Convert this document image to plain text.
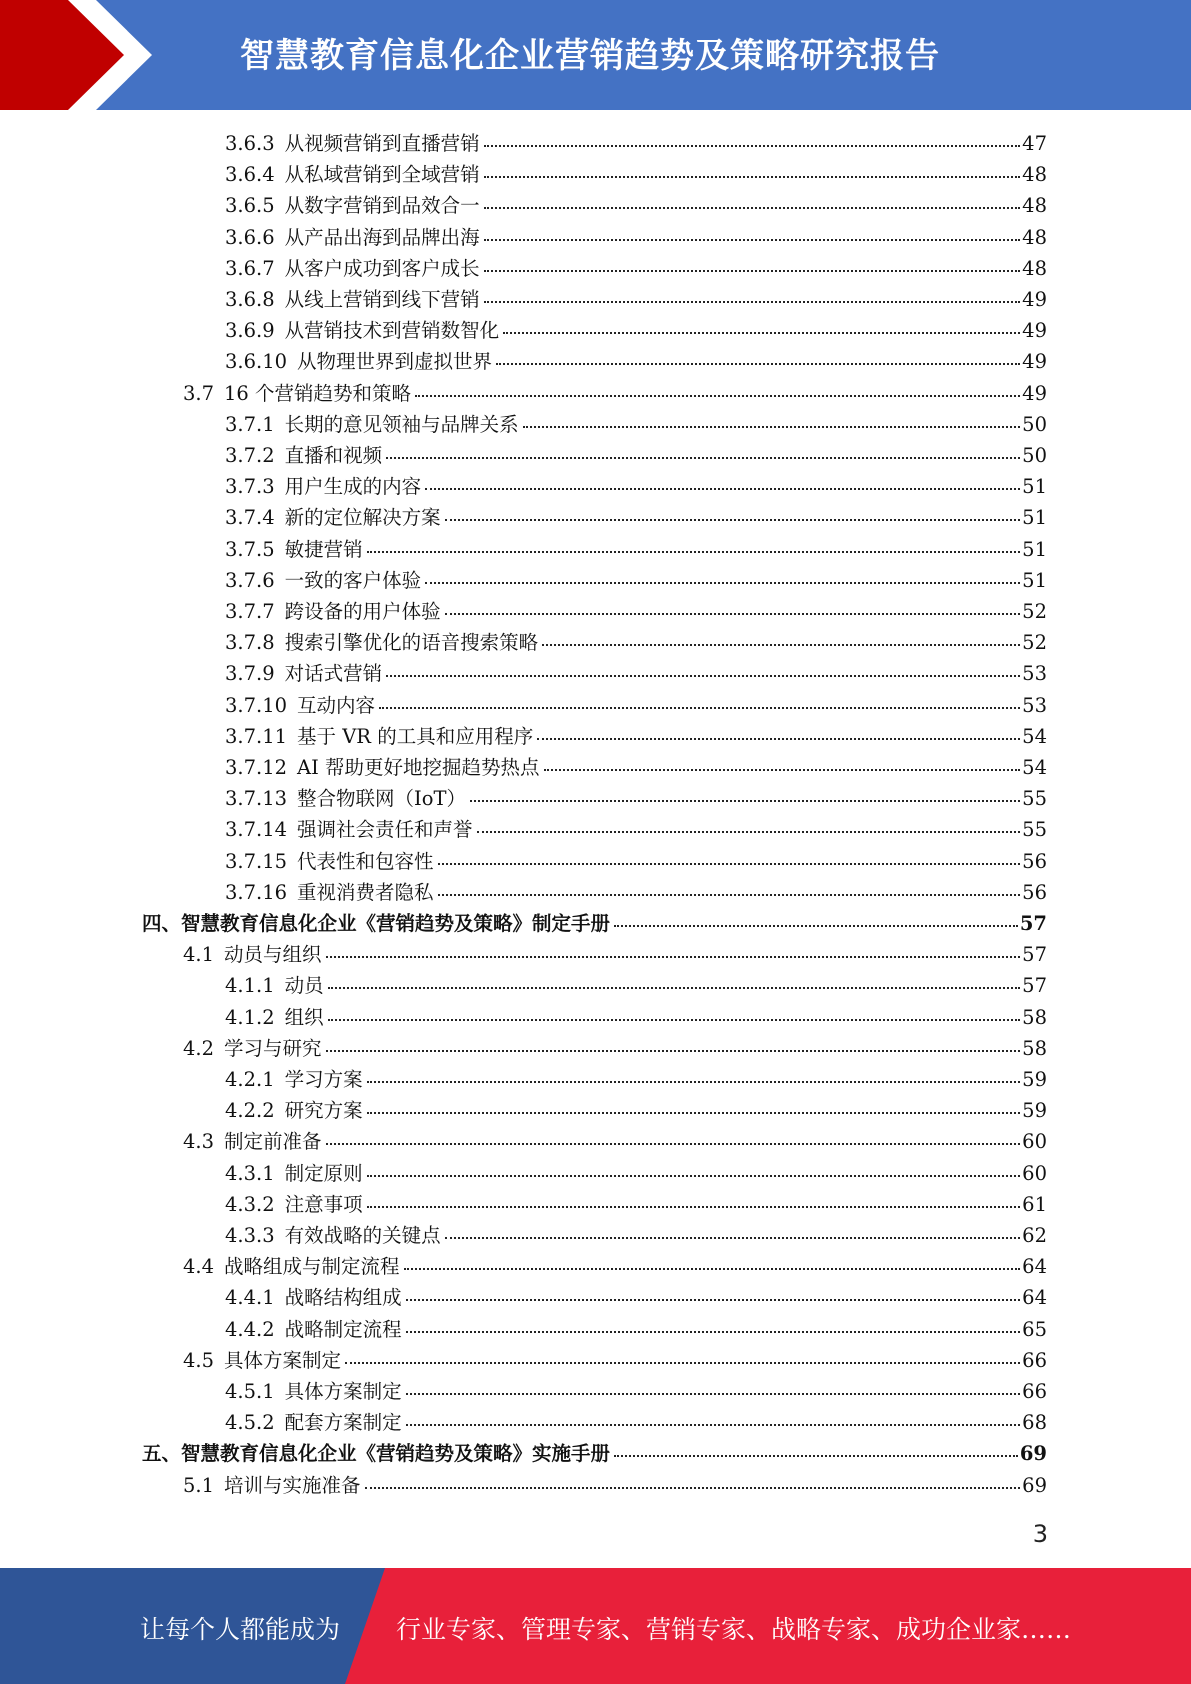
智慧教育信息化企业营销趋势及策略研究报告
3.6.3 从视频营销到直播营销	47
3.6.4 从私域营销到全域营销	48
3.6.5 从数字营销到品效合一	48
3.6.6 从产品出海到品牌出海	48
3.6.7 从客户成功到客户成长	48
3.6.8 从线上营销到线下营销	49
3.6.9 从营销技术到营销数智化	49
3.6.10 从物理世界到虚拟世界	49
3.7 16 个营销趋势和策略	49
3.7.1 长期的意见领袖与品牌关系	50
3.7.2 直播和视频	50
3.7.3 用户生成的内容	51
3.7.4 新的定位解决方案	51
3.7.5 敏捷营销	51
3.7.6 一致的客户体验	51
3.7.7 跨设备的用户体验	52
3.7.8 搜索引擎优化的语音搜索策略	52
3.7.9 对话式营销	53
3.7.10 互动内容	53
3.7.11 基于 VR 的工具和应用程序	54
3.7.12 AI 帮助更好地挖掘趋势热点	54
3.7.13 整合物联网（IoT）	55
3.7.14 强调社会责任和声誉	55
3.7.15 代表性和包容性	56
3.7.16 重视消费者隐私	56
四、 智慧教育信息化企业《营销趋势及策略》制定手册	57
4.1 动员与组织	57
4.1.1 动员	57
4.1.2 组织	58
4.2 学习与研究	58
4.2.1 学习方案	59
4.2.2 研究方案	59
4.3 制定前准备	60
4.3.1 制定原则	60
4.3.2 注意事项	61
4.3.3 有效战略的关键点	62
4.4 战略组成与制定流程	64
4.4.1 战略结构组成	64
4.4.2 战略制定流程	65
4.5 具体方案制定	66
4.5.1 具体方案制定	66
4.5.2 配套方案制定	68
五、 智慧教育信息化企业《营销趋势及策略》实施手册	69
5.1 培训与实施准备	69
3
让每个人都能成为 行业专家、管理专家、营销专家、战略专家、成功企业家……
